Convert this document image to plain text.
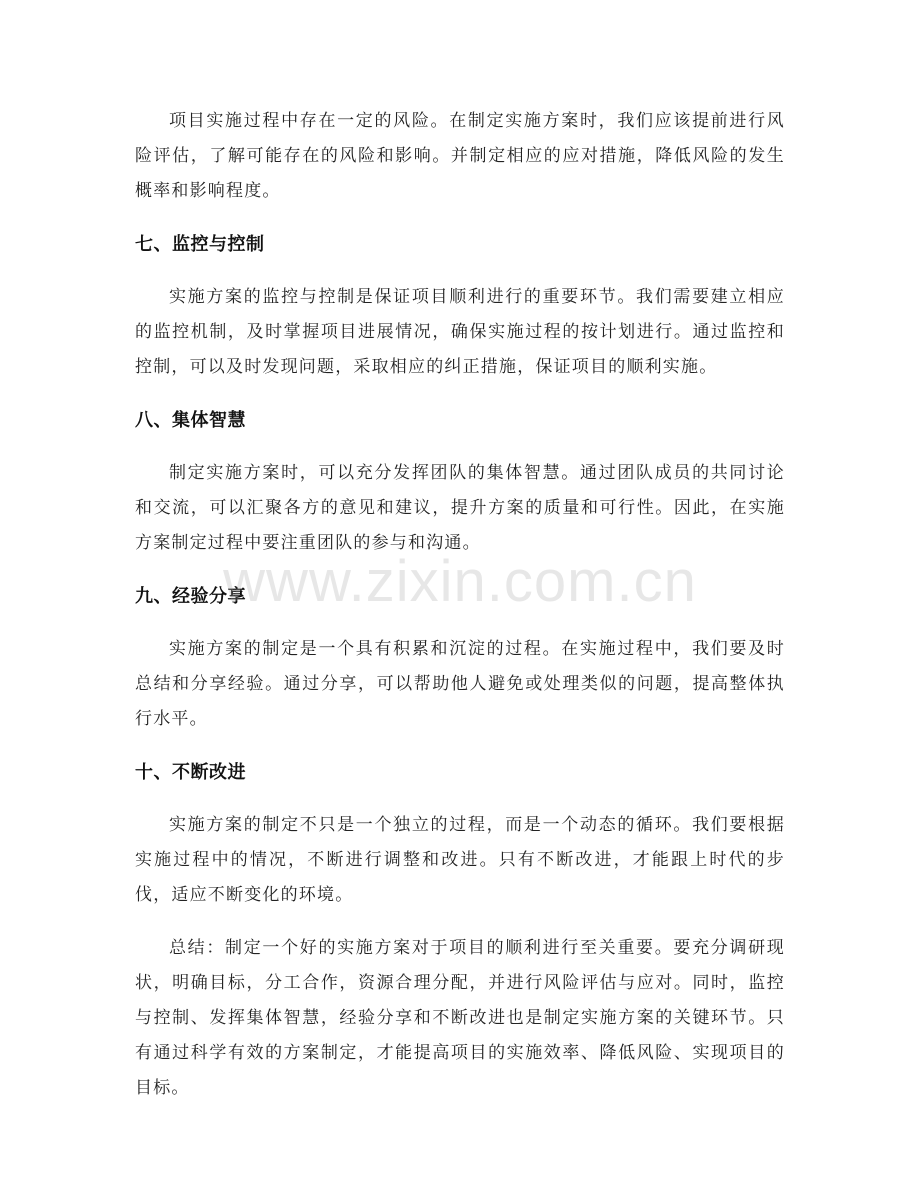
项目实施过程中存在一定的风险。在制定实施方案时，我们应该提前进行风险评估，了解可能存在的风险和影响。并制定相应的应对措施，降低风险的发生概率和影响程度。

七、监控与控制

实施方案的监控与控制是保证项目顺利进行的重要环节。我们需要建立相应的监控机制，及时掌握项目进展情况，确保实施过程的按计划进行。通过监控和控制，可以及时发现问题，采取相应的纠正措施，保证项目的顺利实施。

八、集体智慧

制定实施方案时，可以充分发挥团队的集体智慧。通过团队成员的共同讨论和交流，可以汇聚各方的意见和建议，提升方案的质量和可行性。因此，在实施方案制定过程中要注重团队的参与和沟通。

九、经验分享

实施方案的制定是一个具有积累和沉淀的过程。在实施过程中，我们要及时总结和分享经验。通过分享，可以帮助他人避免或处理类似的问题，提高整体执行水平。

十、不断改进

实施方案的制定不只是一个独立的过程，而是一个动态的循环。我们要根据实施过程中的情况，不断进行调整和改进。只有不断改进，才能跟上时代的步伐，适应不断变化的环境。

总结：制定一个好的实施方案对于项目的顺利进行至关重要。要充分调研现状，明确目标，分工合作，资源合理分配，并进行风险评估与应对。同时，监控与控制、发挥集体智慧，经验分享和不断改进也是制定实施方案的关键环节。只有通过科学有效的方案制定，才能提高项目的实施效率、降低风险、实现项目的目标。

www.zixin.com.cn
